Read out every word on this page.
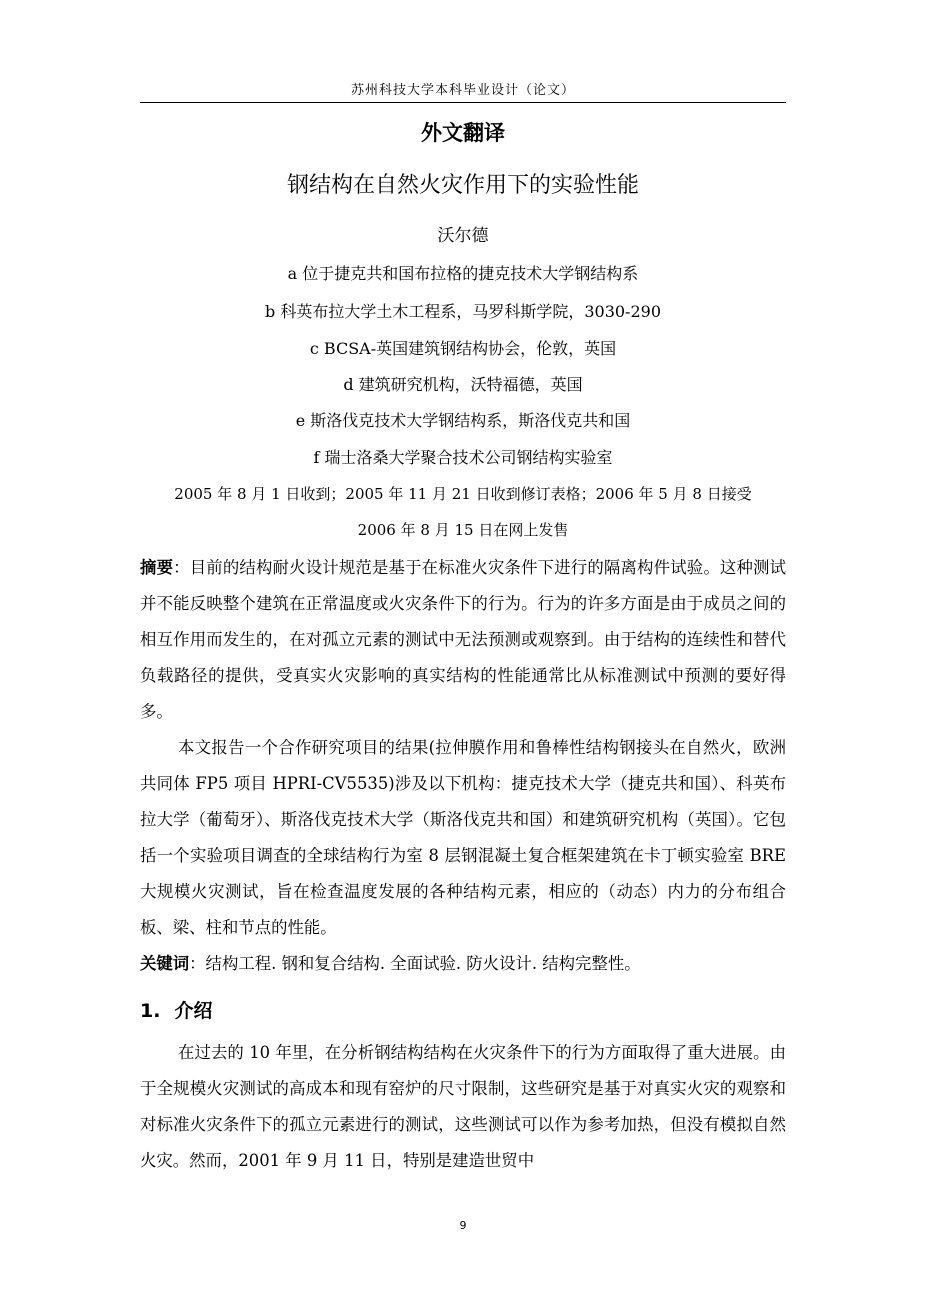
苏州科技大学本科毕业设计（论文）
外文翻译
钢结构在自然火灾作用下的实验性能
沃尔德
a 位于捷克共和国布拉格的捷克技术大学钢结构系
b 科英布拉大学土木工程系，马罗科斯学院，3030-290
c BCSA-英国建筑钢结构协会，伦敦，英国
d 建筑研究机构，沃特福德，英国
e 斯洛伐克技术大学钢结构系，斯洛伐克共和国
f 瑞士洛桑大学聚合技术公司钢结构实验室
2005 年 8 月 1 日收到；2005 年 11 月 21 日收到修订表格；2006 年 5 月 8 日接受
2006 年 8 月 15 日在网上发售

摘要：目前的结构耐火设计规范是基于在标准火灾条件下进行的隔离构件试验。这种测试并不能反映整个建筑在正常温度或火灾条件下的行为。行为的许多方面是由于成员之间的相互作用而发生的，在对孤立元素的测试中无法预测或观察到。由于结构的连续性和替代负载路径的提供，受真实火灾影响的真实结构的性能通常比从标准测试中预测的要好得多。

本文报告一个合作研究项目的结果(拉伸膜作用和鲁棒性结构钢接头在自然火，欧洲共同体 FP5 项目 HPRI-CV5535)涉及以下机构：捷克技术大学（捷克共和国）、科英布拉大学（葡萄牙）、斯洛伐克技术大学（斯洛伐克共和国）和建筑研究机构（英国）。它包括一个实验项目调查的全球结构行为室 8 层钢混凝土复合框架建筑在卡丁顿实验室 BRE 大规模火灾测试，旨在检查温度发展的各种结构元素，相应的（动态）内力的分布组合板、梁、柱和节点的性能。

关键词：结构工程. 钢和复合结构. 全面试验. 防火设计. 结构完整性。

1. 介绍

在过去的 10 年里，在分析钢结构结构在火灾条件下的行为方面取得了重大进展。由于全规模火灾测试的高成本和现有窑炉的尺寸限制，这些研究是基于对真实火灾的观察和对标准火灾条件下的孤立元素进行的测试，这些测试可以作为参考加热，但没有模拟自然火灾。然而，2001 年 9 月 11 日，特别是建造世贸中

9
